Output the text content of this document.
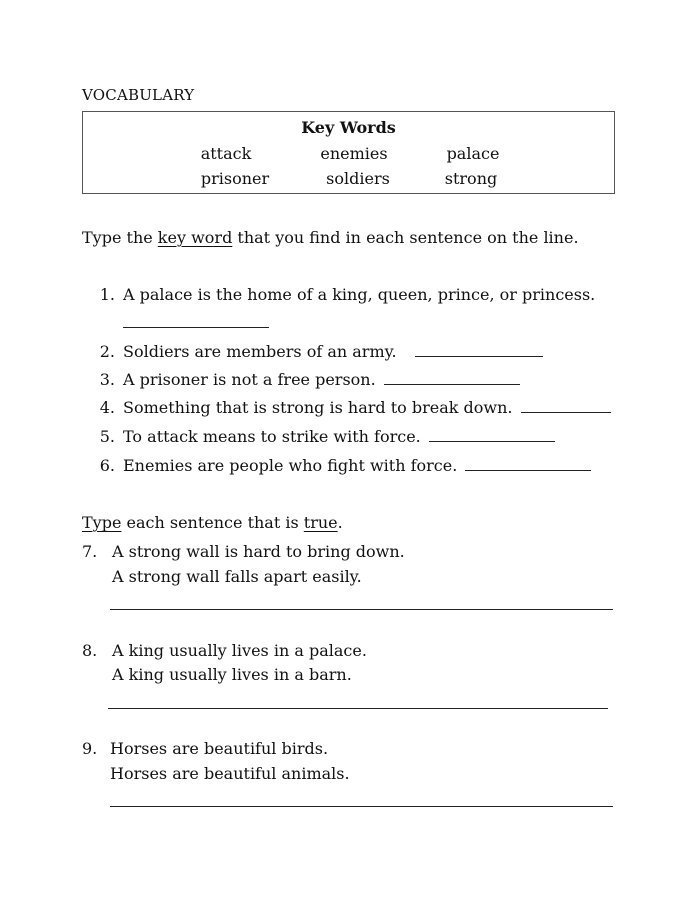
VOCABULARY
Key Words
attack	enemies	palace
prisoner	soldiers	strong
Type the key word that you find in each sentence on the line.
1. A palace is the home of a king, queen, prince, or princess.
2. Soldiers are members of an army.
3. A prisoner is not a free person.
4. Something that is strong is hard to break down.
5. To attack means to strike with force.
6. Enemies are people who fight with force.
Type each sentence that is true.
7. A strong wall is hard to bring down.
A strong wall falls apart easily.
8. A king usually lives in a palace.
A king usually lives in a barn.
9. Horses are beautiful birds.
Horses are beautiful animals.
